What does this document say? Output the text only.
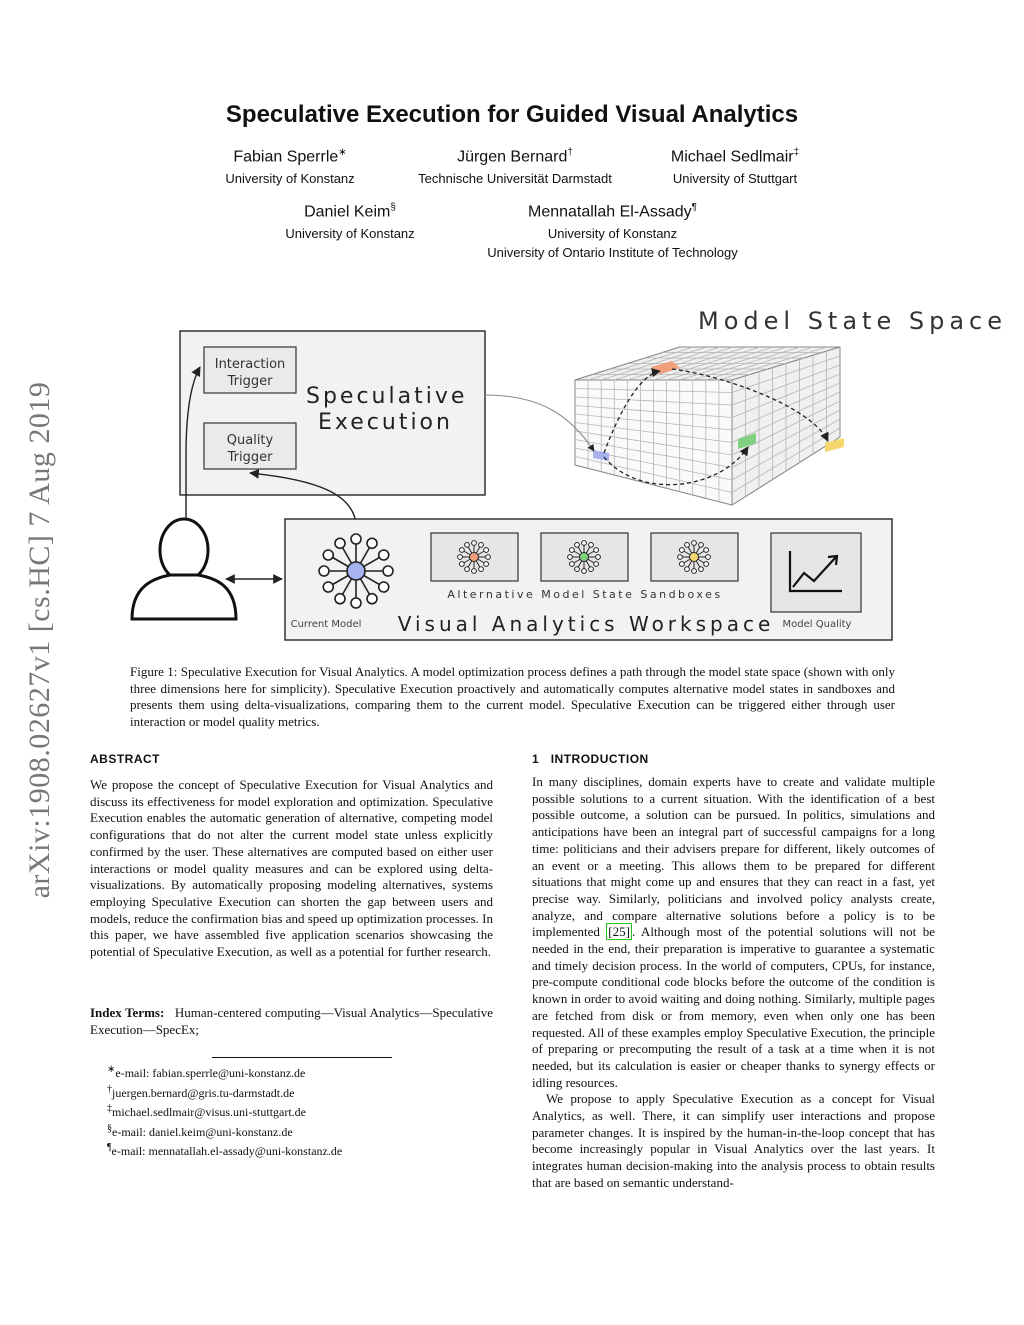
arXiv:1908.02627v1 [cs.HC] 7 Aug 2019
Speculative Execution for Guided Visual Analytics
Fabian Sperrle∗
University of Konstanz
Jürgen Bernard†
Technische Universität Darmstadt
Michael Sedlmair‡
University of Stuttgart
Daniel Keim§
University of Konstanz
Mennatallah El-Assady¶
University of Konstanz
University of Ontario Institute of Technology
Model State Space
Interaction
Trigger
Quality
Trigger
Speculative
Execution
Current Model
Alternative Model State Sandboxes
Visual Analytics Workspace Model Quality
Figure 1: Speculative Execution for Visual Analytics. A model optimization process defines a path through the model state space (shown with only three dimensions here for simplicity). Speculative Execution proactively and automatically computes alternative model states in sandboxes and presents them using delta-visualizations, comparing them to the current model. Speculative Execution can be triggered either through user interaction or model quality metrics.
ABSTRACT
We propose the concept of Speculative Execution for Visual Analytics and discuss its effectiveness for model exploration and optimization. Speculative Execution enables the automatic generation of alternative, competing model configurations that do not alter the current model state unless explicitly confirmed by the user. These alternatives are computed based on either user interactions or model quality measures and can be explored using delta-visualizations. By automatically proposing modeling alternatives, systems employing Speculative Execution can shorten the gap between users and models, reduce the confirmation bias and speed up optimization processes. In this paper, we have assembled five application scenarios showcasing the potential of Speculative Execution, as well as a potential for further research.
Index Terms: Human-centered computing—Visual Analytics—Speculative Execution—SpecEx;
∗e-mail: fabian.sperrle@uni-konstanz.de
†juergen.bernard@gris.tu-darmstadt.de
‡michael.sedlmair@visus.uni-stuttgart.de
§e-mail: daniel.keim@uni-konstanz.de
¶e-mail: mennatallah.el-assady@uni-konstanz.de
1 INTRODUCTION
In many disciplines, domain experts have to create and validate multiple possible solutions to a current situation. With the identification of a best possible outcome, a solution can be pursued. In politics, simulations and anticipations have been an integral part of successful campaigns for a long time: politicians and their advisers prepare for different, likely outcomes of an event or a meeting. This allows them to be prepared for different situations that might come up and ensures that they can react in a fast, yet precise way. Similarly, politicians and involved policy analysts create, analyze, and compare alternative solutions before a policy is to be implemented [25] . Although most of the potential solutions will not be needed in the end, their preparation is imperative to guarantee a systematic and timely decision process. In the world of computers, CPUs, for instance, pre-compute conditional code blocks before the outcome of the condition is known in order to avoid waiting and doing nothing. Similarly, multiple pages are fetched from disk or from memory, even when only one has been requested. All of these examples employ Speculative Execution, the principle of preparing or precomputing the result of a task at a time when it is not needed, but its calculation is easier or cheaper thanks to synergy effects or idling resources.
We propose to apply Speculative Execution as a concept for Visual Analytics, as well. There, it can simplify user interactions and propose parameter changes. It is inspired by the human-in-the-loop concept that has become increasingly popular in Visual Analytics over the last years. It integrates human decision-making into the analysis process to obtain results that are based on semantic understand-
